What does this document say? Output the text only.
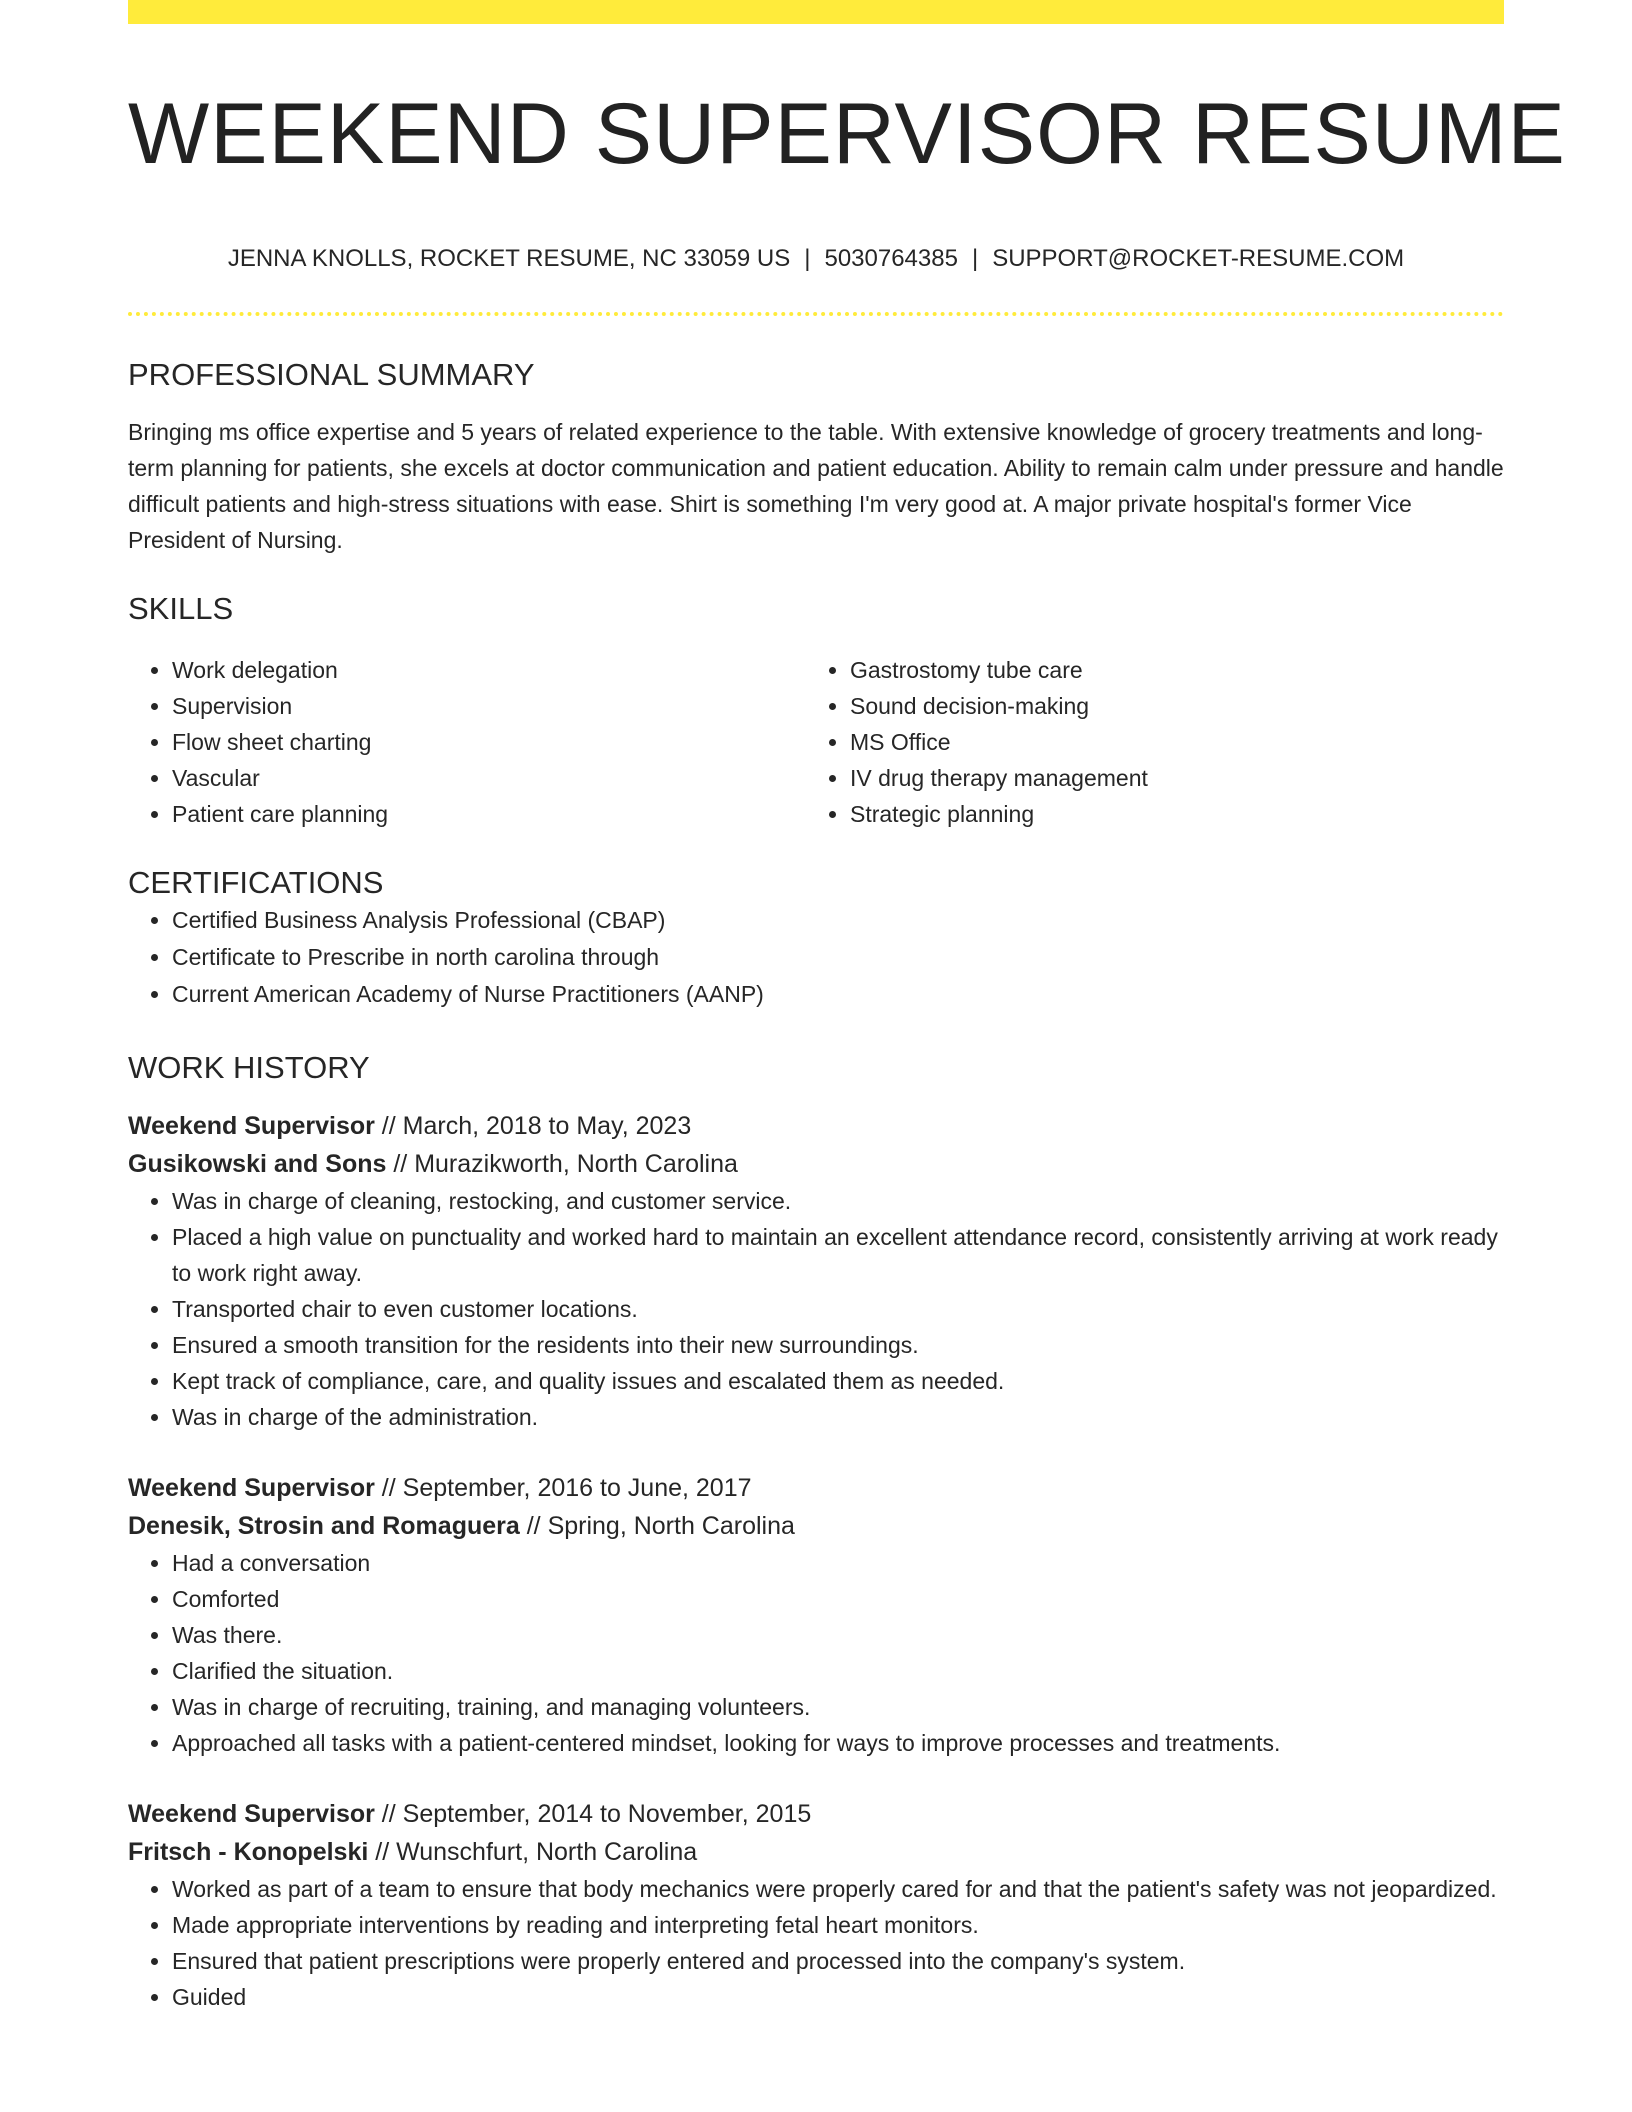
WEEKEND SUPERVISOR RESUME
JENNA KNOLLS, ROCKET RESUME, NC 33059 US | 5030764385 | SUPPORT@ROCKET-RESUME.COM
PROFESSIONAL SUMMARY

Bringing ms office expertise and 5 years of related experience to the table. With extensive knowledge of grocery treatments and long-term planning for patients, she excels at doctor communication and patient education. Ability to remain calm under pressure and handle difficult patients and high-stress situations with ease. Shirt is something I'm very good at. A major private hospital's former Vice President of Nursing.

SKILLS
• Work delegation
• Supervision
• Flow sheet charting
• Vascular
• Patient care planning
• Gastrostomy tube care
• Sound decision-making
• MS Office
• IV drug therapy management
• Strategic planning
CERTIFICATIONS
• Certified Business Analysis Professional (CBAP)
• Certificate to Prescribe in north carolina through
• Current American Academy of Nurse Practitioners (AANP)
WORK HISTORY
Weekend Supervisor // March, 2018 to May, 2023
Gusikowski and Sons // Murazikworth, North Carolina
• Was in charge of cleaning, restocking, and customer service.
• Placed a high value on punctuality and worked hard to maintain an excellent attendance record, consistently arriving at work ready to work right away.
• Transported chair to even customer locations.
• Ensured a smooth transition for the residents into their new surroundings.
• Kept track of compliance, care, and quality issues and escalated them as needed.
• Was in charge of the administration.
Weekend Supervisor // September, 2016 to June, 2017
Denesik, Strosin and Romaguera // Spring, North Carolina
• Had a conversation
• Comforted
• Was there.
• Clarified the situation.
• Was in charge of recruiting, training, and managing volunteers.
• Approached all tasks with a patient-centered mindset, looking for ways to improve processes and treatments.
Weekend Supervisor // September, 2014 to November, 2015
Fritsch - Konopelski // Wunschfurt, North Carolina
• Worked as part of a team to ensure that body mechanics were properly cared for and that the patient's safety was not jeopardized.
• Made appropriate interventions by reading and interpreting fetal heart monitors.
• Ensured that patient prescriptions were properly entered and processed into the company's system.
• Guided
